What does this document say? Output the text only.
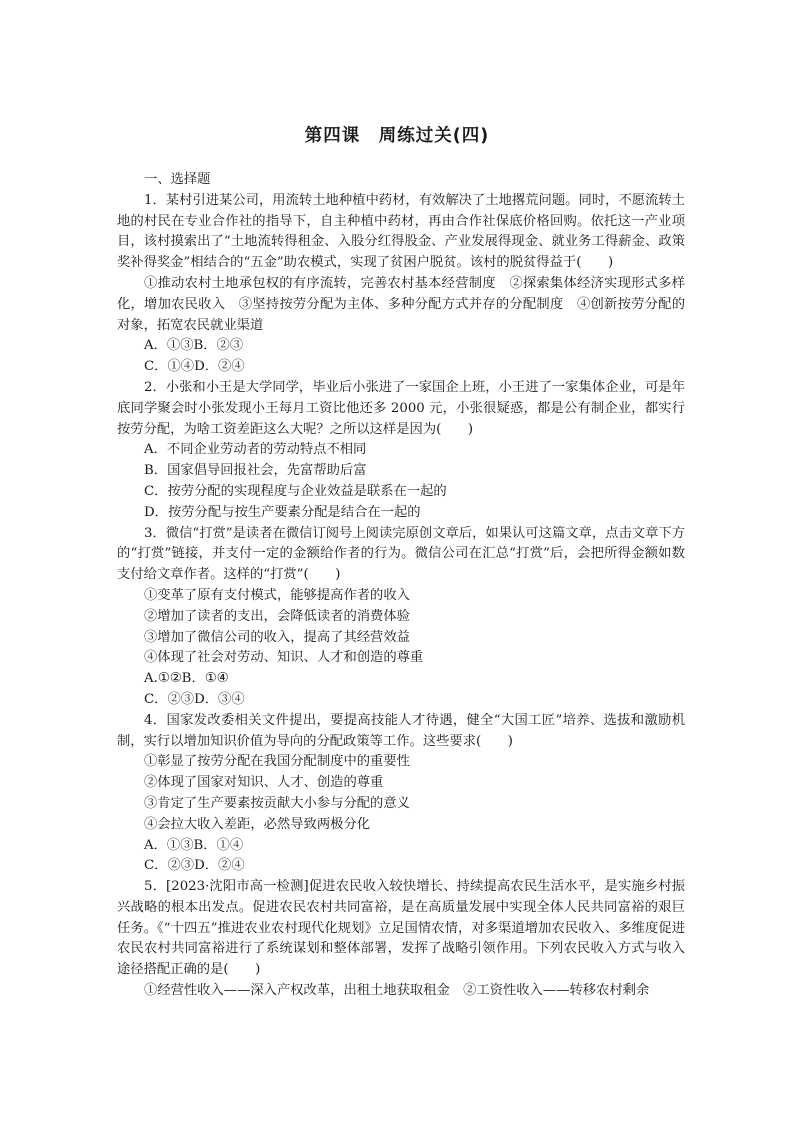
第四课　周练过关(四)

一、选择题

1．某村引进某公司，用流转土地种植中药材，有效解决了土地撂荒问题。同时，不愿流转土地的村民在专业合作社的指导下，自主种植中药材，再由合作社保底价格回购。依托这一产业项目，该村摸索出了“土地流转得租金、入股分红得股金、产业发展得现金、就业务工得薪金、政策奖补得奖金”相结合的“五金”助农模式，实现了贫困户脱贫。该村的脱贫得益于(　　)

①推动农村土地承包权的有序流转，完善农村基本经营制度　②探索集体经济实现形式多样化，增加农民收入　③坚持按劳分配为主体、多种分配方式并存的分配制度　④创新按劳分配的对象，拓宽农民就业渠道

A．①③B．②③

C．①④D．②④

2．小张和小王是大学同学，毕业后小张进了一家国企上班，小王进了一家集体企业，可是年底同学聚会时小张发现小王每月工资比他还多 2000 元，小张很疑惑，都是公有制企业，都实行按劳分配，为啥工资差距这么大呢？之所以这样是因为(　　)

A．不同企业劳动者的劳动特点不相同

B．国家倡导回报社会，先富帮助后富

C．按劳分配的实现程度与企业效益是联系在一起的

D．按劳分配与按生产要素分配是结合在一起的

3．微信“打赏”是读者在微信订阅号上阅读完原创文章后，如果认可这篇文章，点击文章下方的“打赏”链接，并支付一定的金额给作者的行为。微信公司在汇总“打赏”后，会把所得金额如数支付给文章作者。这样的“打赏”(　　)

①变革了原有支付模式，能够提高作者的收入

②增加了读者的支出，会降低读者的消费体验

③增加了微信公司的收入，提高了其经营效益

④体现了社会对劳动、知识、人才和创造的尊重

A.①②B．①④

C．②③D．③④

4．国家发改委相关文件提出，要提高技能人才待遇，健全“大国工匠”培养、选拔和激励机制，实行以增加知识价值为导向的分配政策等工作。这些要求(　　)

①彰显了按劳分配在我国分配制度中的重要性

②体现了国家对知识、人才、创造的尊重

③肯定了生产要素按贡献大小参与分配的意义

④会拉大收入差距，必然导致两极分化

A．①③B．①④

C．②③D．②④

5．[2023·沈阳市高一检测]促进农民收入较快增长、持续提高农民生活水平，是实施乡村振兴战略的根本出发点。促进农民农村共同富裕，是在高质量发展中实现全体人民共同富裕的艰巨任务。《“十四五”推进农业农村现代化规划》立足国情农情，对多渠道增加农民收入、多维度促进农民农村共同富裕进行了系统谋划和整体部署，发挥了战略引领作用。下列农民收入方式与收入途径搭配正确的是(　　)

①经营性收入——深入产权改革，出租土地获取租金　②工资性收入——转移农村剩余
